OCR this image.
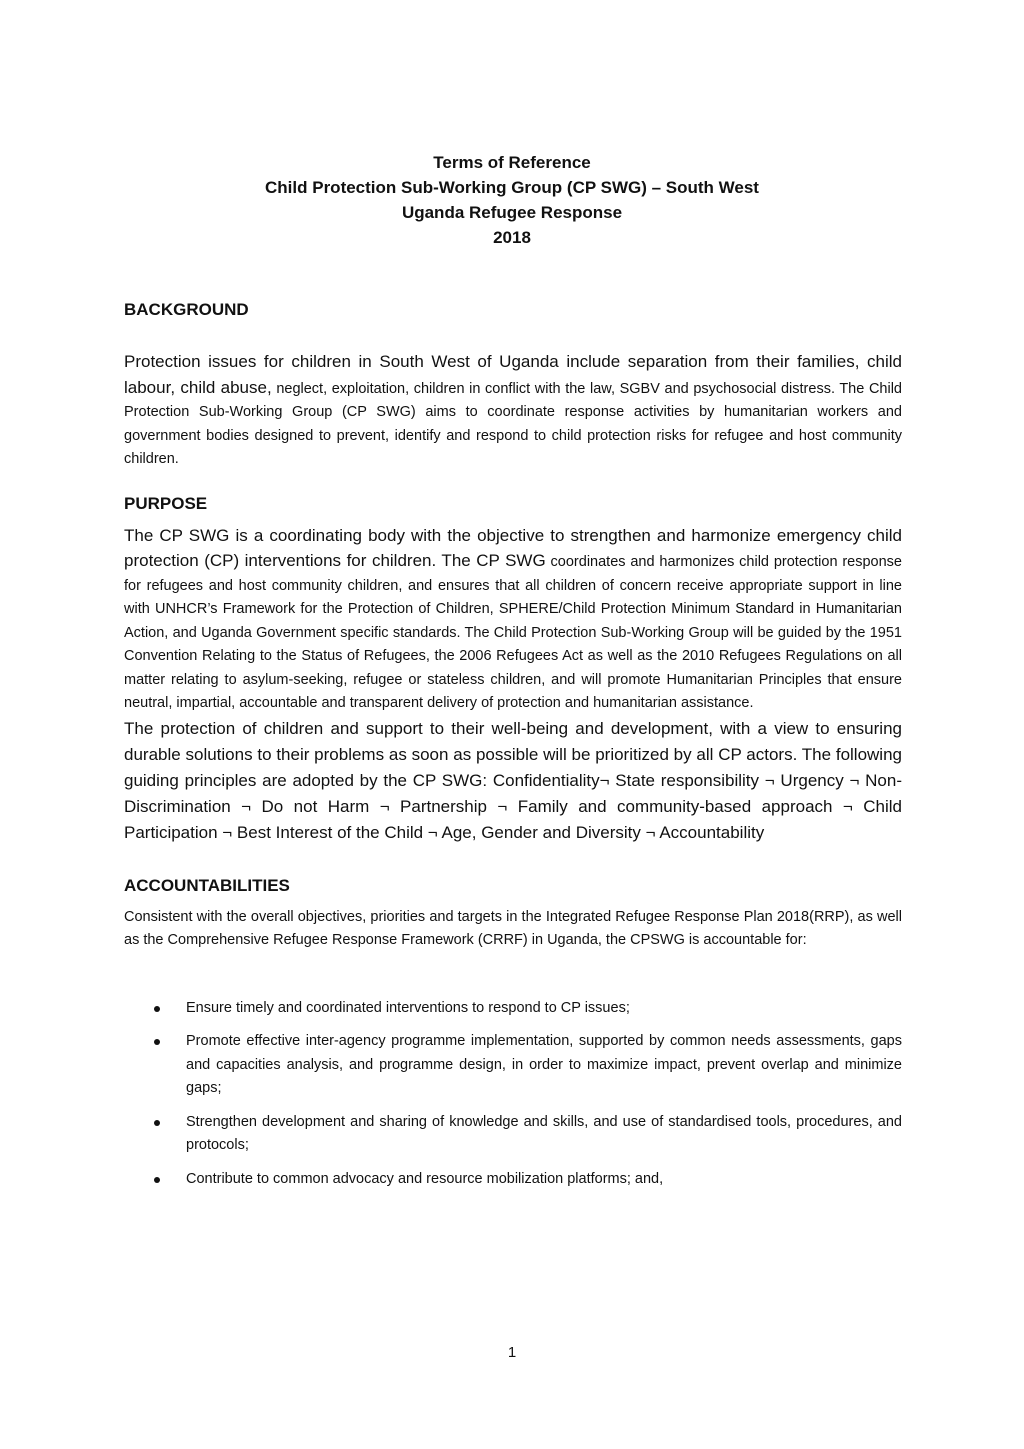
Terms of Reference
Child Protection Sub-Working Group (CP SWG) – South West
Uganda Refugee Response
2018
BACKGROUND

Protection issues for children in South West of Uganda include separation from their families, child labour, child abuse, neglect, exploitation, children in conflict with the law, SGBV and psychosocial distress. The Child Protection Sub-Working Group (CP SWG) aims to coordinate response activities by humanitarian workers and government bodies designed to prevent, identify and respond to child protection risks for refugee and host community children.

PURPOSE

The CP SWG is a coordinating body with the objective to strengthen and harmonize emergency child protection (CP) interventions for children. The CP SWG coordinates and harmonizes child protection response for refugees and host community children, and ensures that all children of concern receive appropriate support in line with UNHCR’s Framework for the Protection of Children, SPHERE/Child Protection Minimum Standard in Humanitarian Action, and Uganda Government specific standards. The Child Protection Sub-Working Group will be guided by the 1951 Convention Relating to the Status of Refugees, the 2006 Refugees Act as well as the 2010 Refugees Regulations on all matter relating to asylum-seeking, refugee or stateless children, and will promote Humanitarian Principles that ensure neutral, impartial, accountable and transparent delivery of protection and humanitarian assistance.

The protection of children and support to their well-being and development, with a view to ensuring durable solutions to their problems as soon as possible will be prioritized by all CP actors. The following guiding principles are adopted by the CP SWG: Confidentiality¬ State responsibility ¬ Urgency ¬ Non-Discrimination ¬ Do not Harm ¬ Partnership ¬ Family and community-based approach ¬ Child Participation ¬ Best Interest of the Child ¬ Age, Gender and Diversity ¬ Accountability

ACCOUNTABILITIES

Consistent with the overall objectives, priorities and targets in the Integrated Refugee Response Plan 2018(RRP), as well as the Comprehensive Refugee Response Framework (CRRF) in Uganda, the CPSWG is accountable for:

Ensure timely and coordinated interventions to respond to CP issues;
Promote effective inter-agency programme implementation, supported by common needs assessments, gaps and capacities analysis, and programme design, in order to maximize impact, prevent overlap and minimize gaps;
Strengthen development and sharing of knowledge and skills, and use of standardised tools, procedures, and protocols;
Contribute to common advocacy and resource mobilization platforms; and,
1
